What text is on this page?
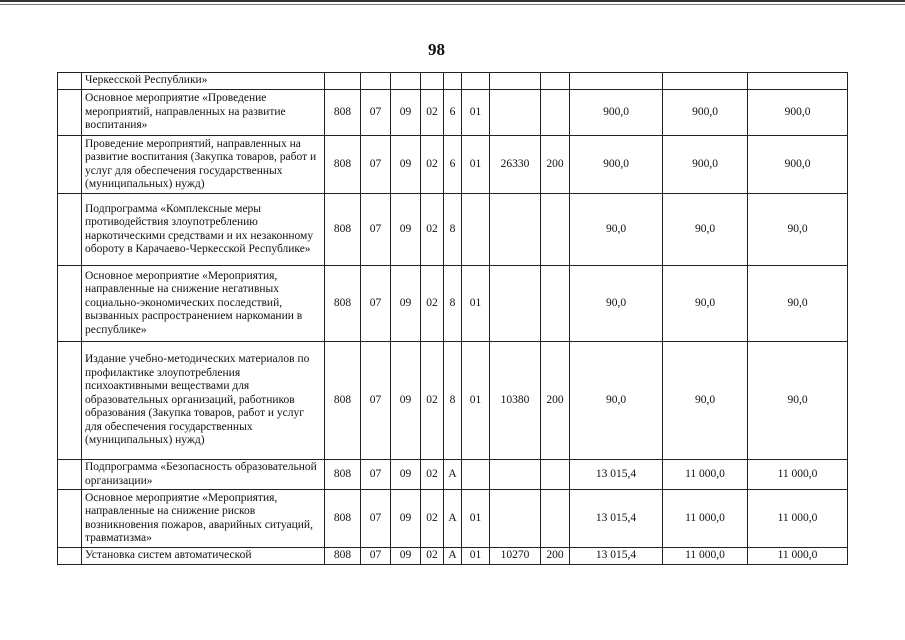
98
	Черкесской Республики»											
	Основное мероприятие «Проведение мероприятий, направленных на развитие воспитания»	808	07	09	02	6	01			900,0	900,0	900,0
	Проведение мероприятий, направленных на развитие воспитания (Закупка товаров, работ и услуг для обеспечения государственных (муниципальных) нужд)	808	07	09	02	6	01	26330	200	900,0	900,0	900,0
	Подпрограмма «Комплексные меры противодействия злоупотреблению наркотическими средствами и их незаконному обороту в Карачаево-Черкесской Республике»	808	07	09	02	8				90,0	90,0	90,0
	Основное мероприятие «Мероприятия, направленные на снижение негативных социально-экономических последствий, вызванных распространением наркомании в республике»	808	07	09	02	8	01			90,0	90,0	90,0
	Издание учебно-методических материалов по профилактике злоупотребления психоактивными веществами для образовательных организаций, работников образования (Закупка товаров, работ и услуг для обеспечения государственных (муниципальных) нужд)	808	07	09	02	8	01	10380	200	90,0	90,0	90,0
	Подпрограмма «Безопасность образовательной организации»	808	07	09	02	А				13 015,4	11 000,0	11 000,0
	Основное мероприятие «Мероприятия, направленные на снижение рисков возникновения пожаров, аварийных ситуаций, травматизма»	808	07	09	02	А	01			13 015,4	11 000,0	11 000,0
	Установка систем автоматической	808	07	09	02	А	01	10270	200	13 015,4	11 000,0	11 000,0
